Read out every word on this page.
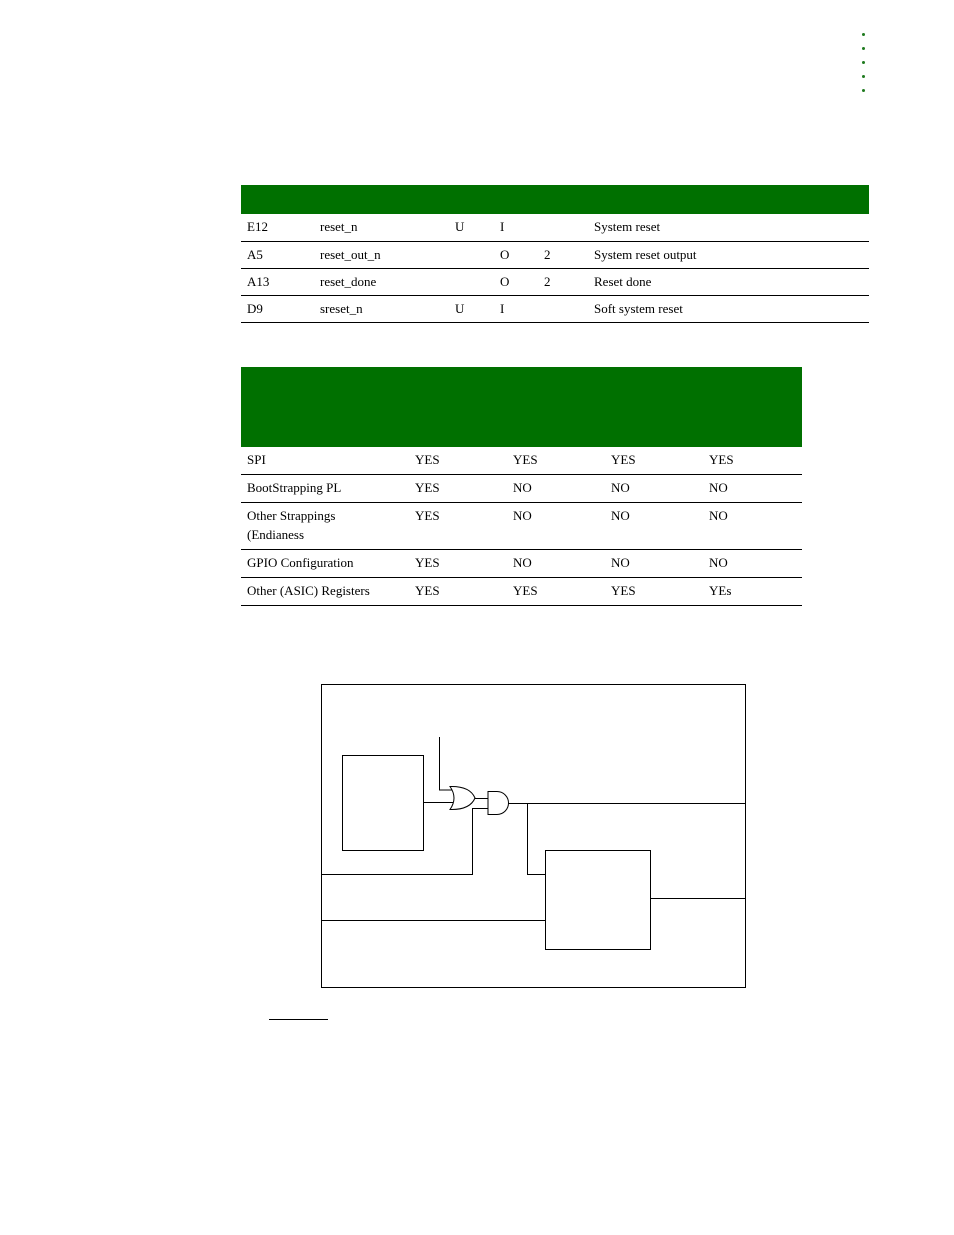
E12	reset_n	U	I		System reset
A5	reset_out_n		O	2	System reset output
A13	reset_done		O	2	Reset done
D9	sreset_n	U	I		Soft system reset

SPI	YES	YES	YES	YES
BootStrapping PL	YES	NO	NO	NO
Other Strappings (Endianess	YES	NO	NO	NO
GPIO Configuration	YES	NO	NO	NO
Other (ASIC) Registers	YES	YES	YES	YEs
